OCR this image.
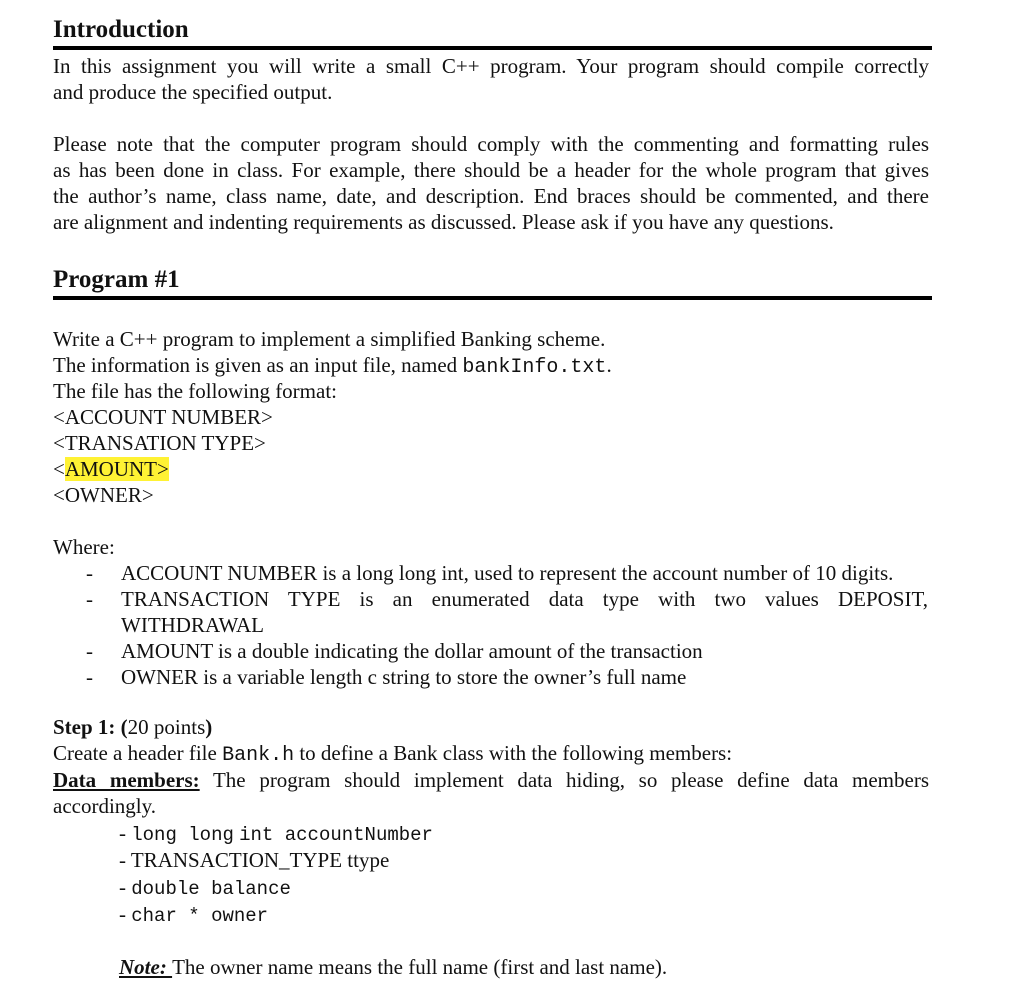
Introduction
In this assignment you will write a small C++ program. Your program should compile correctly
and produce the specified output.
Please note that the computer program should comply with the commenting and formatting rules
as has been done in class. For example, there should be a header for the whole program that gives
the author’s name, class name, date, and description. End braces should be commented, and there
are alignment and indenting requirements as discussed. Please ask if you have any questions.
Program #1
Write a C++ program to implement a simplified Banking scheme.
The information is given as an input file, named bankInfo.txt.
The file has the following format:
<ACCOUNT NUMBER>
<TRANSATION TYPE>
<AMOUNT>
<OWNER>
Where:
- ACCOUNT NUMBER is a long long int, used to represent the account number of 10 digits.
- TRANSACTION TYPE is an enumerated data type with two values DEPOSIT,
WITHDRAWAL
- AMOUNT is a double indicating the dollar amount of the transaction
- OWNER is a variable length c string to store the owner’s full name
Step 1: (20 points)
Create a header file Bank.h to define a Bank class with the following members:
Data members: The program should implement data hiding, so please define data members
accordingly.
- long long int accountNumber
- TRANSACTION_TYPE ttype
- double balance
- char * owner
Note: The owner name means the full name (first and last name).
